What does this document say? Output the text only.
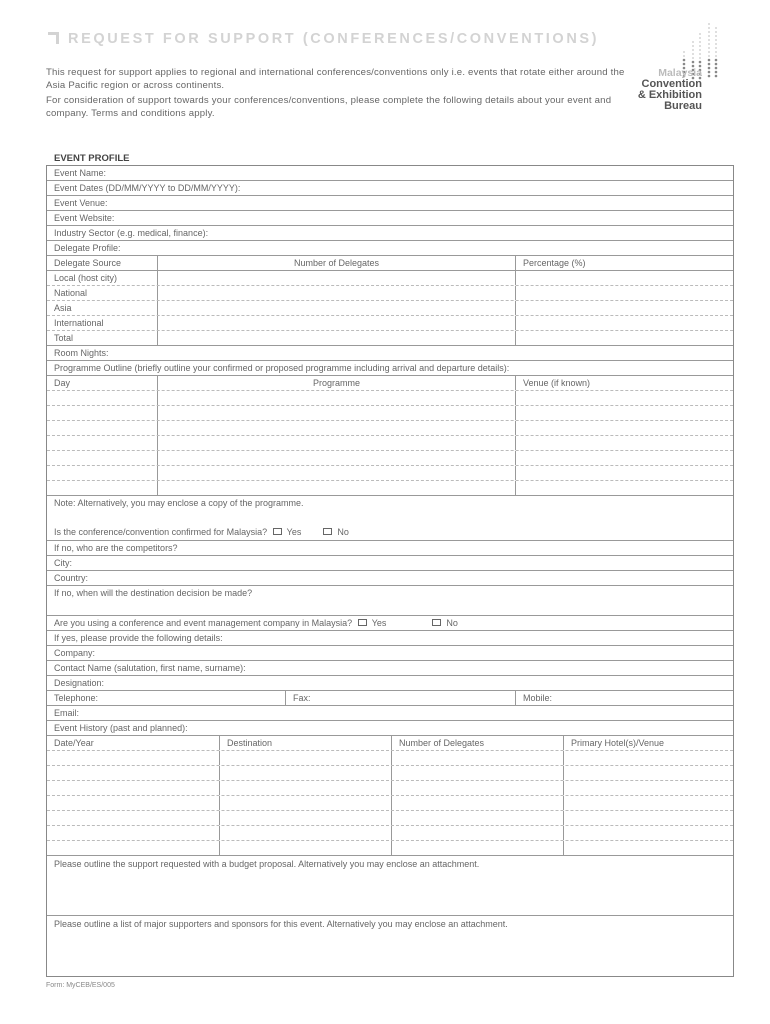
REQUEST FOR SUPPORT (CONFERENCES/CONVENTIONS)
This request for support applies to regional and international conferences/conventions only i.e. events that rotate either around the Asia Pacific region or across continents.
For consideration of support towards your conferences/conventions, please complete the following details about your event and company. Terms and conditions apply.
Malaysia
Convention
& Exhibition
Bureau
EVENT PROFILE
Event Name:
Event Dates (DD/MM/YYYY to DD/MM/YYYY):
Event Venue:
Event Website:
Industry Sector (e.g. medical, finance):
Delegate Profile:
Delegate Source	Number of Delegates	Percentage (%)
Local (host city)
National
Asia
International
Total
Room Nights:
Programme Outline (briefly outline your confirmed or proposed programme including arrival and departure details):
Day	Programme	Venue (if known)
Note: Alternatively, you may enclose a copy of the programme.
Is the conference/convention confirmed for Malaysia? Yes	No
If no, who are the competitors?
City:
Country:
If no, when will the destination decision be made?
Are you using a conference and event management company in Malaysia? Yes	No
If yes, please provide the following details:
Company:
Contact Name (salutation, first name, surname):
Designation:
Telephone:	Fax:	Mobile:
Email:
Event History (past and planned):
Date/Year	Destination	Number of Delegates	Primary Hotel(s)/Venue
Please outline the support requested with a budget proposal. Alternatively you may enclose an attachment.
Please outline a list of major supporters and sponsors for this event. Alternatively you may enclose an attachment.
Form: MyCEB/ES/005
